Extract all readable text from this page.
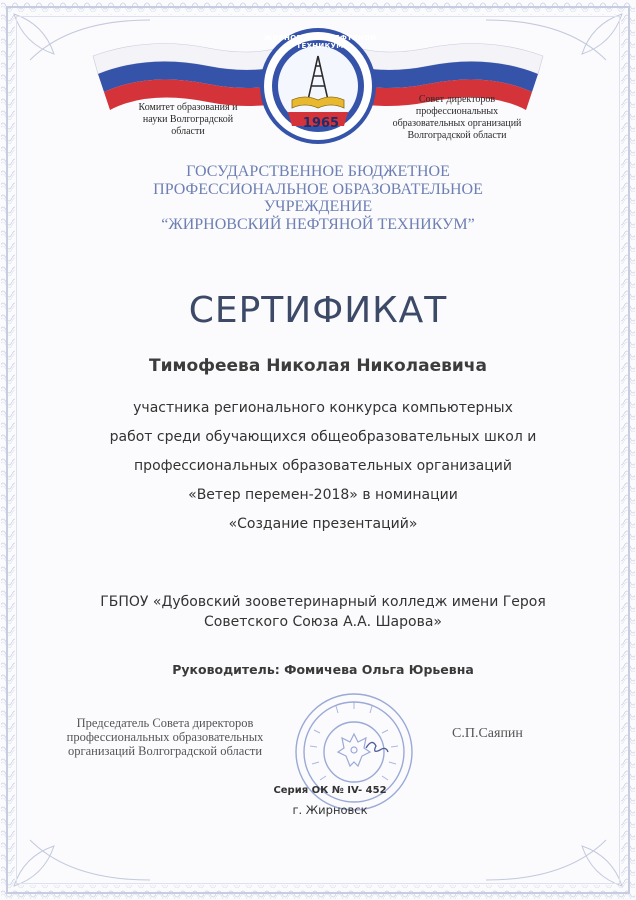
1965
ЖИРНОВСКИЙ НЕФТЯНОЙ ТЕХНИКУМ
Комитет образования и
науки Волгоградской
области
Совет директоров
профессиональных
образовательных организаций
Волгоградской области
ГОСУДАРСТВЕННОЕ БЮДЖЕТНОЕ
ПРОФЕССИОНАЛЬНОЕ ОБРАЗОВАТЕЛЬНОЕ
УЧРЕЖДЕНИЕ
“ЖИРНОВСКИЙ НЕФТЯНОЙ ТЕХНИКУМ”
СЕРТИФИКАТ
Тимофеева Николая Николаевича
участника регионального конкурса компьютерных
работ среди обучающихся общеобразовательных школ и
профессиональных образовательных организаций
«Ветер перемен-2018» в номинации
«Создание презентаций»
ГБПОУ «Дубовский зооветеринарный колледж имени Героя
Советского Союза А.А. Шарова»
Руководитель: Фомичева Ольга Юрьевна
Председатель Совета директоров
профессиональных образовательных
организаций Волгоградской области
С.П.Саяпин
Серия ОК № IV- 452
г. Жирновск
